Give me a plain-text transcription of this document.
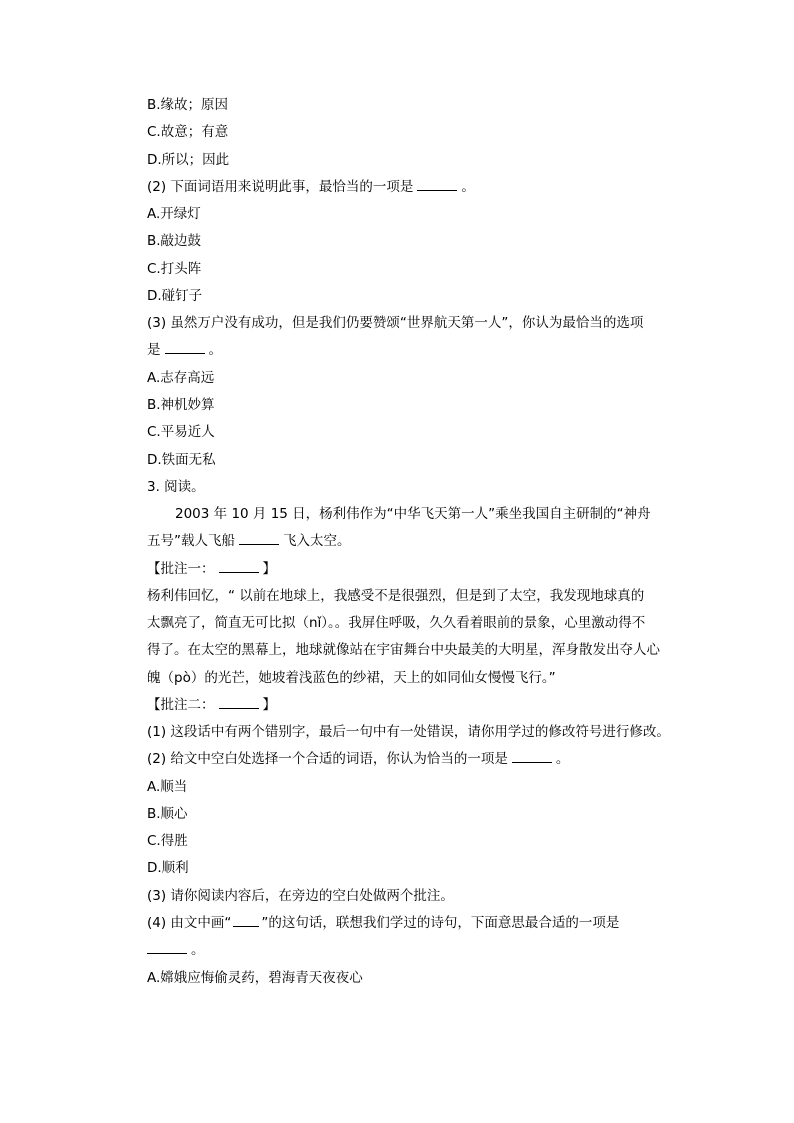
B.缘故；原因
C.故意；有意
D.所以；因此
(2) 下面词语用来说明此事，最恰当的一项是	。
A.开绿灯
B.敲边鼓
C.打头阵
D.碰钉子
(3) 虽然万户没有成功，但是我们仍要赞颂“世界航天第一人”，你认为最恰当的选项
是	。
A.志存高远
B.神机妙算
C.平易近人
D.铁面无私
3. 阅读。
2003 年 10 月 15 日，杨利伟作为“中华飞天第一人”乘坐我国自主研制的“神舟
五号”载人飞船	飞入太空。
【批注一：	】
杨利伟回忆，“ 以前在地球上，我感受不是很强烈，但是到了太空，我发现地球真的
太飘亮了，简直无可比拟（nǐ）。。我屏住呼吸，久久看着眼前的景象，心里激动得不
得了。在太空的黑幕上，地球就像站在宇宙舞台中央最美的大明星，浑身散发出夺人心
魄（pò）的光芒，她坡着浅蓝色的纱裙，天上的如同仙女慢慢飞行。”
【批注二：	】
(1) 这段话中有两个错别字，最后一句中有一处错误，请你用学过的修改符号进行修改。
(2) 给文中空白处选择一个合适的词语，你认为恰当的一项是	。
A.顺当
B.顺心
C.得胜
D.顺利
(3) 请你阅读内容后，在旁边的空白处做两个批注。
(4) 由文中画“ ”的这句话，联想我们学过的诗句，下面意思最合适的一项是
。
A.嫦娥应悔偷灵药，碧海青天夜夜心
